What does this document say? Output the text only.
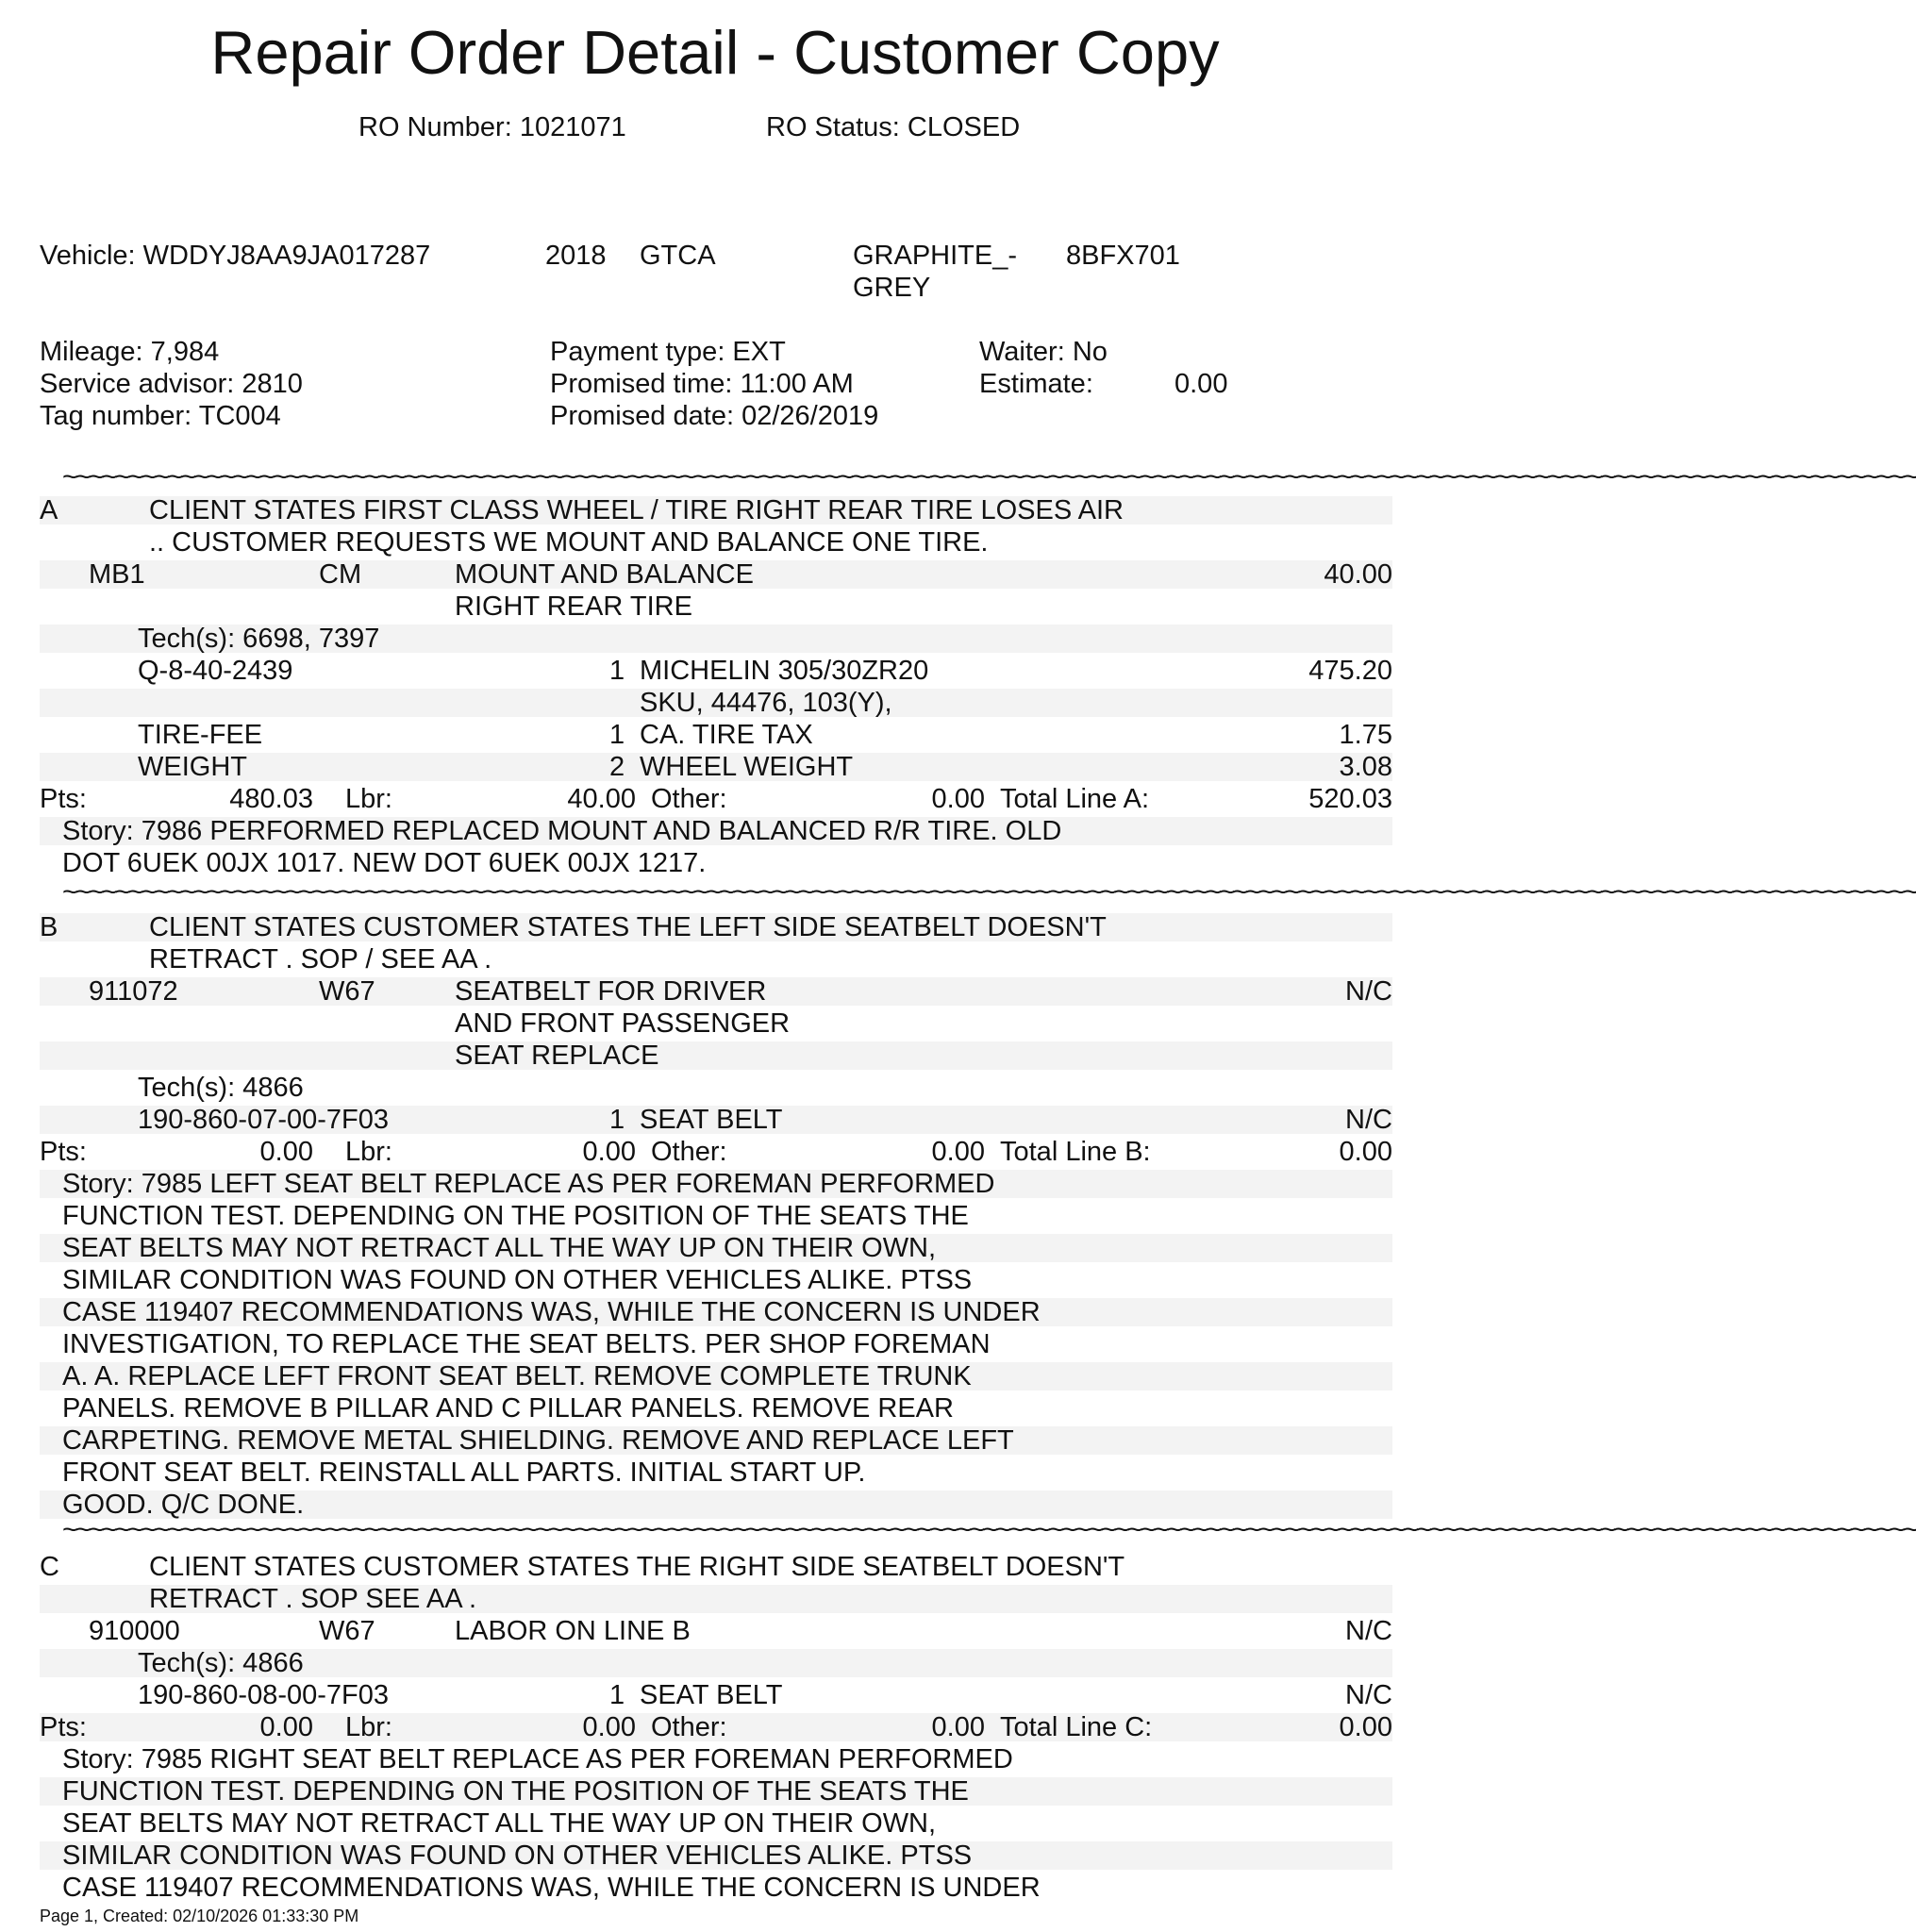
Repair Order Detail - Customer Copy
RO Number: 1021071	RO Status: CLOSED
Vehicle: WDDYJ8AA9JA017287	2018 GTCA	GRAPHITE_-
GREY
8BFX701
Mileage: 7,984
Service advisor: 2810
Tag number: TC004
Payment type: EXT
Promised time: 11:00 AM
Promised date: 02/26/2019
Waiter: No
Estimate:	0.00
~~~~~~~~~~~~~~~~~~~~~~~~~~~~~~~~~~~~~~~~~~~~~~~~~~~~~~~~~~~~~~~~~~~~~~~~~~~~~~~~~~~~~~~~~~~~~~~~~~~~~~~~~~~~~~~~~~~~~~~~~~~~~~~~~~~~~~~~~~~~~
A	CLIENT STATES FIRST CLASS WHEEL / TIRE RIGHT REAR TIRE LOSES AIR
.. CUSTOMER REQUESTS WE MOUNT AND BALANCE ONE TIRE.
MB1	CM	MOUNT AND BALANCE	40.00
RIGHT REAR TIRE
Tech(s): 6698, 7397
Q-8-40-2439	1 MICHELIN 305/30ZR20	475.20
SKU, 44476, 103(Y),
TIRE-FEE	1 CA. TIRE TAX	1.75
WEIGHT	2 WHEEL WEIGHT	3.08
Pts:	480.03 Lbr:	40.00 Other:	0.00 Total Line A:	520.03
Story: 7986 PERFORMED REPLACED MOUNT AND BALANCED R/R TIRE. OLD
DOT 6UEK 00JX 1017. NEW DOT 6UEK 00JX 1217.
~~~~~~~~~~~~~~~~~~~~~~~~~~~~~~~~~~~~~~~~~~~~~~~~~~~~~~~~~~~~~~~~~~~~~~~~~~~~~~~~~~~~~~~~~~~~~~~~~~~~~~~~~~~~~~~~~~~~~~~~~~~~~~~~~~~~~~~~~~~~~
B	CLIENT STATES CUSTOMER STATES THE LEFT SIDE SEATBELT DOESN'T
RETRACT . SOP / SEE AA .
911072	W67	SEATBELT FOR DRIVER	N/C
AND FRONT PASSENGER
SEAT REPLACE
Tech(s): 4866
190-860-07-00-7F03	1 SEAT BELT	N/C
Pts:	0.00 Lbr:	0.00 Other:	0.00 Total Line B:	0.00
Story: 7985 LEFT SEAT BELT REPLACE AS PER FOREMAN PERFORMED
FUNCTION TEST. DEPENDING ON THE POSITION OF THE SEATS THE
SEAT BELTS MAY NOT RETRACT ALL THE WAY UP ON THEIR OWN,
SIMILAR CONDITION WAS FOUND ON OTHER VEHICLES ALIKE. PTSS
CASE 119407 RECOMMENDATIONS WAS, WHILE THE CONCERN IS UNDER
INVESTIGATION, TO REPLACE THE SEAT BELTS. PER SHOP FOREMAN
A. A. REPLACE LEFT FRONT SEAT BELT. REMOVE COMPLETE TRUNK
PANELS. REMOVE B PILLAR AND C PILLAR PANELS. REMOVE REAR
CARPETING. REMOVE METAL SHIELDING. REMOVE AND REPLACE LEFT
FRONT SEAT BELT. REINSTALL ALL PARTS. INITIAL START UP.
GOOD. Q/C DONE.
~~~~~~~~~~~~~~~~~~~~~~~~~~~~~~~~~~~~~~~~~~~~~~~~~~~~~~~~~~~~~~~~~~~~~~~~~~~~~~~~~~~~~~~~~~~~~~~~~~~~~~~~~~~~~~~~~~~~~~~~~~~~~~~~~~~~~~~~~~~~~
C	CLIENT STATES CUSTOMER STATES THE RIGHT SIDE SEATBELT DOESN'T
RETRACT . SOP SEE AA .
910000	W67	LABOR ON LINE B	N/C
Tech(s): 4866
190-860-08-00-7F03	1 SEAT BELT	N/C
Pts:	0.00 Lbr:	0.00 Other:	0.00 Total Line C:	0.00
Story: 7985 RIGHT SEAT BELT REPLACE AS PER FOREMAN PERFORMED
FUNCTION TEST. DEPENDING ON THE POSITION OF THE SEATS THE
SEAT BELTS MAY NOT RETRACT ALL THE WAY UP ON THEIR OWN,
SIMILAR CONDITION WAS FOUND ON OTHER VEHICLES ALIKE. PTSS
CASE 119407 RECOMMENDATIONS WAS, WHILE THE CONCERN IS UNDER
Page 1, Created: 02/10/2026 01:33:30 PM
